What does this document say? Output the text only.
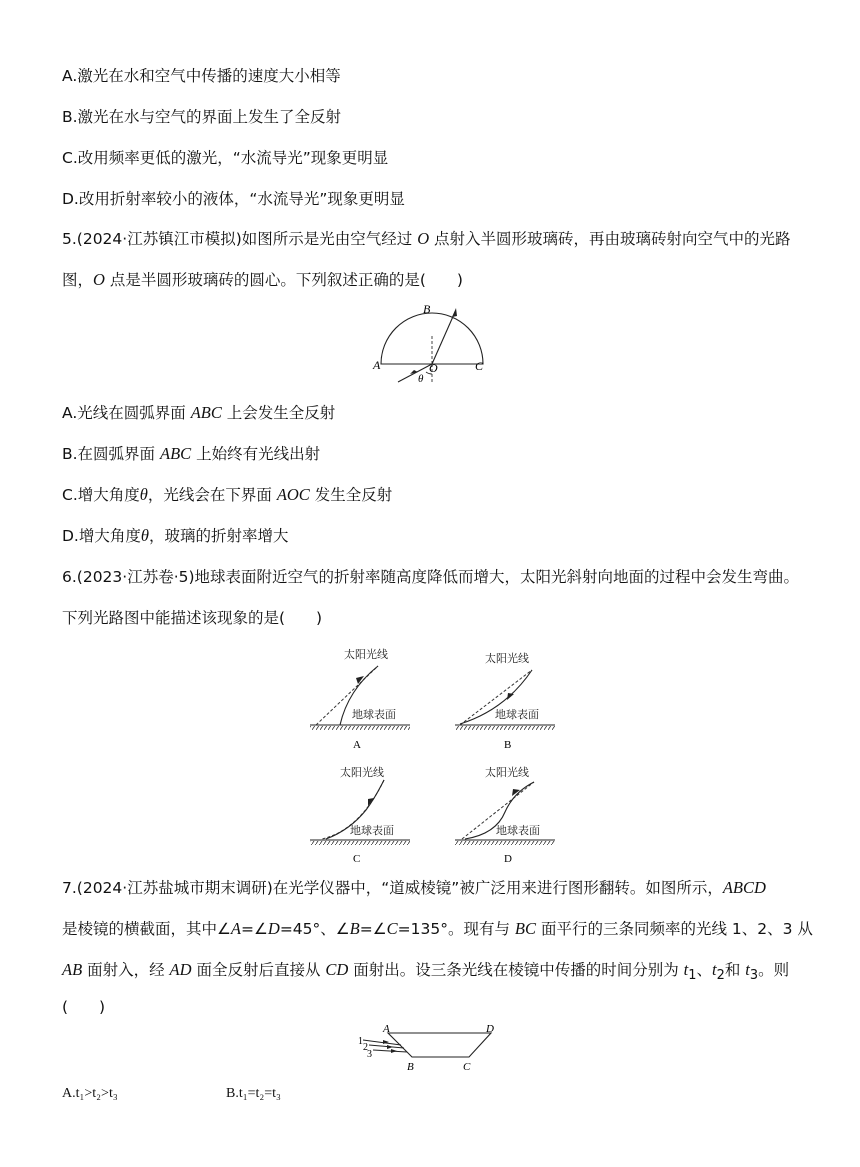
A.激光在水和空气中传播的速度大小相等
B.激光在水与空气的界面上发生了全反射
C.改用频率更低的激光，“水流导光”现象更明显
D.改用折射率较小的液体，“水流导光”现象更明显
5.(2024·江苏镇江市模拟)如图所示是光由空气经过 O 点射入半圆形玻璃砖，再由玻璃砖射向空气中的光路
图，O 点是半圆形玻璃砖的圆心。下列叙述正确的是(　　)
A
B
C
O
θ
A.光线在圆弧界面 ABC 上会发生全反射
B.在圆弧界面 ABC 上始终有光线出射
C.增大角度θ，光线会在下界面 AOC 发生全反射
D.增大角度θ，玻璃的折射率增大
6.(2023·江苏卷·5)地球表面附近空气的折射率随高度降低而增大，太阳光斜射向地面的过程中会发生弯曲。
下列光路图中能描述该现象的是(　　)
太阳光线
地球表面
A
太阳光线
地球表面
B
太阳光线
地球表面
C
太阳光线
地球表面
D
7.(2024·江苏盐城市期末调研)在光学仪器中，“道威棱镜”被广泛用来进行图形翻转。如图所示，ABCD
是棱镜的横截面，其中∠A=∠D=45°、∠B=∠C=135°。现有与 BC 面平行的三条同频率的光线 1、2、3 从
AB 面射入，经 AD 面全反射后直接从 CD 面射出。设三条光线在棱镜中传播的时间分别为 $t_1$、$t_2$和 $t_3$。则
(　　)
A	D
B	C
1
2
3
A.t₁>t₂>t₃	B.t₁=t₂=t₃
